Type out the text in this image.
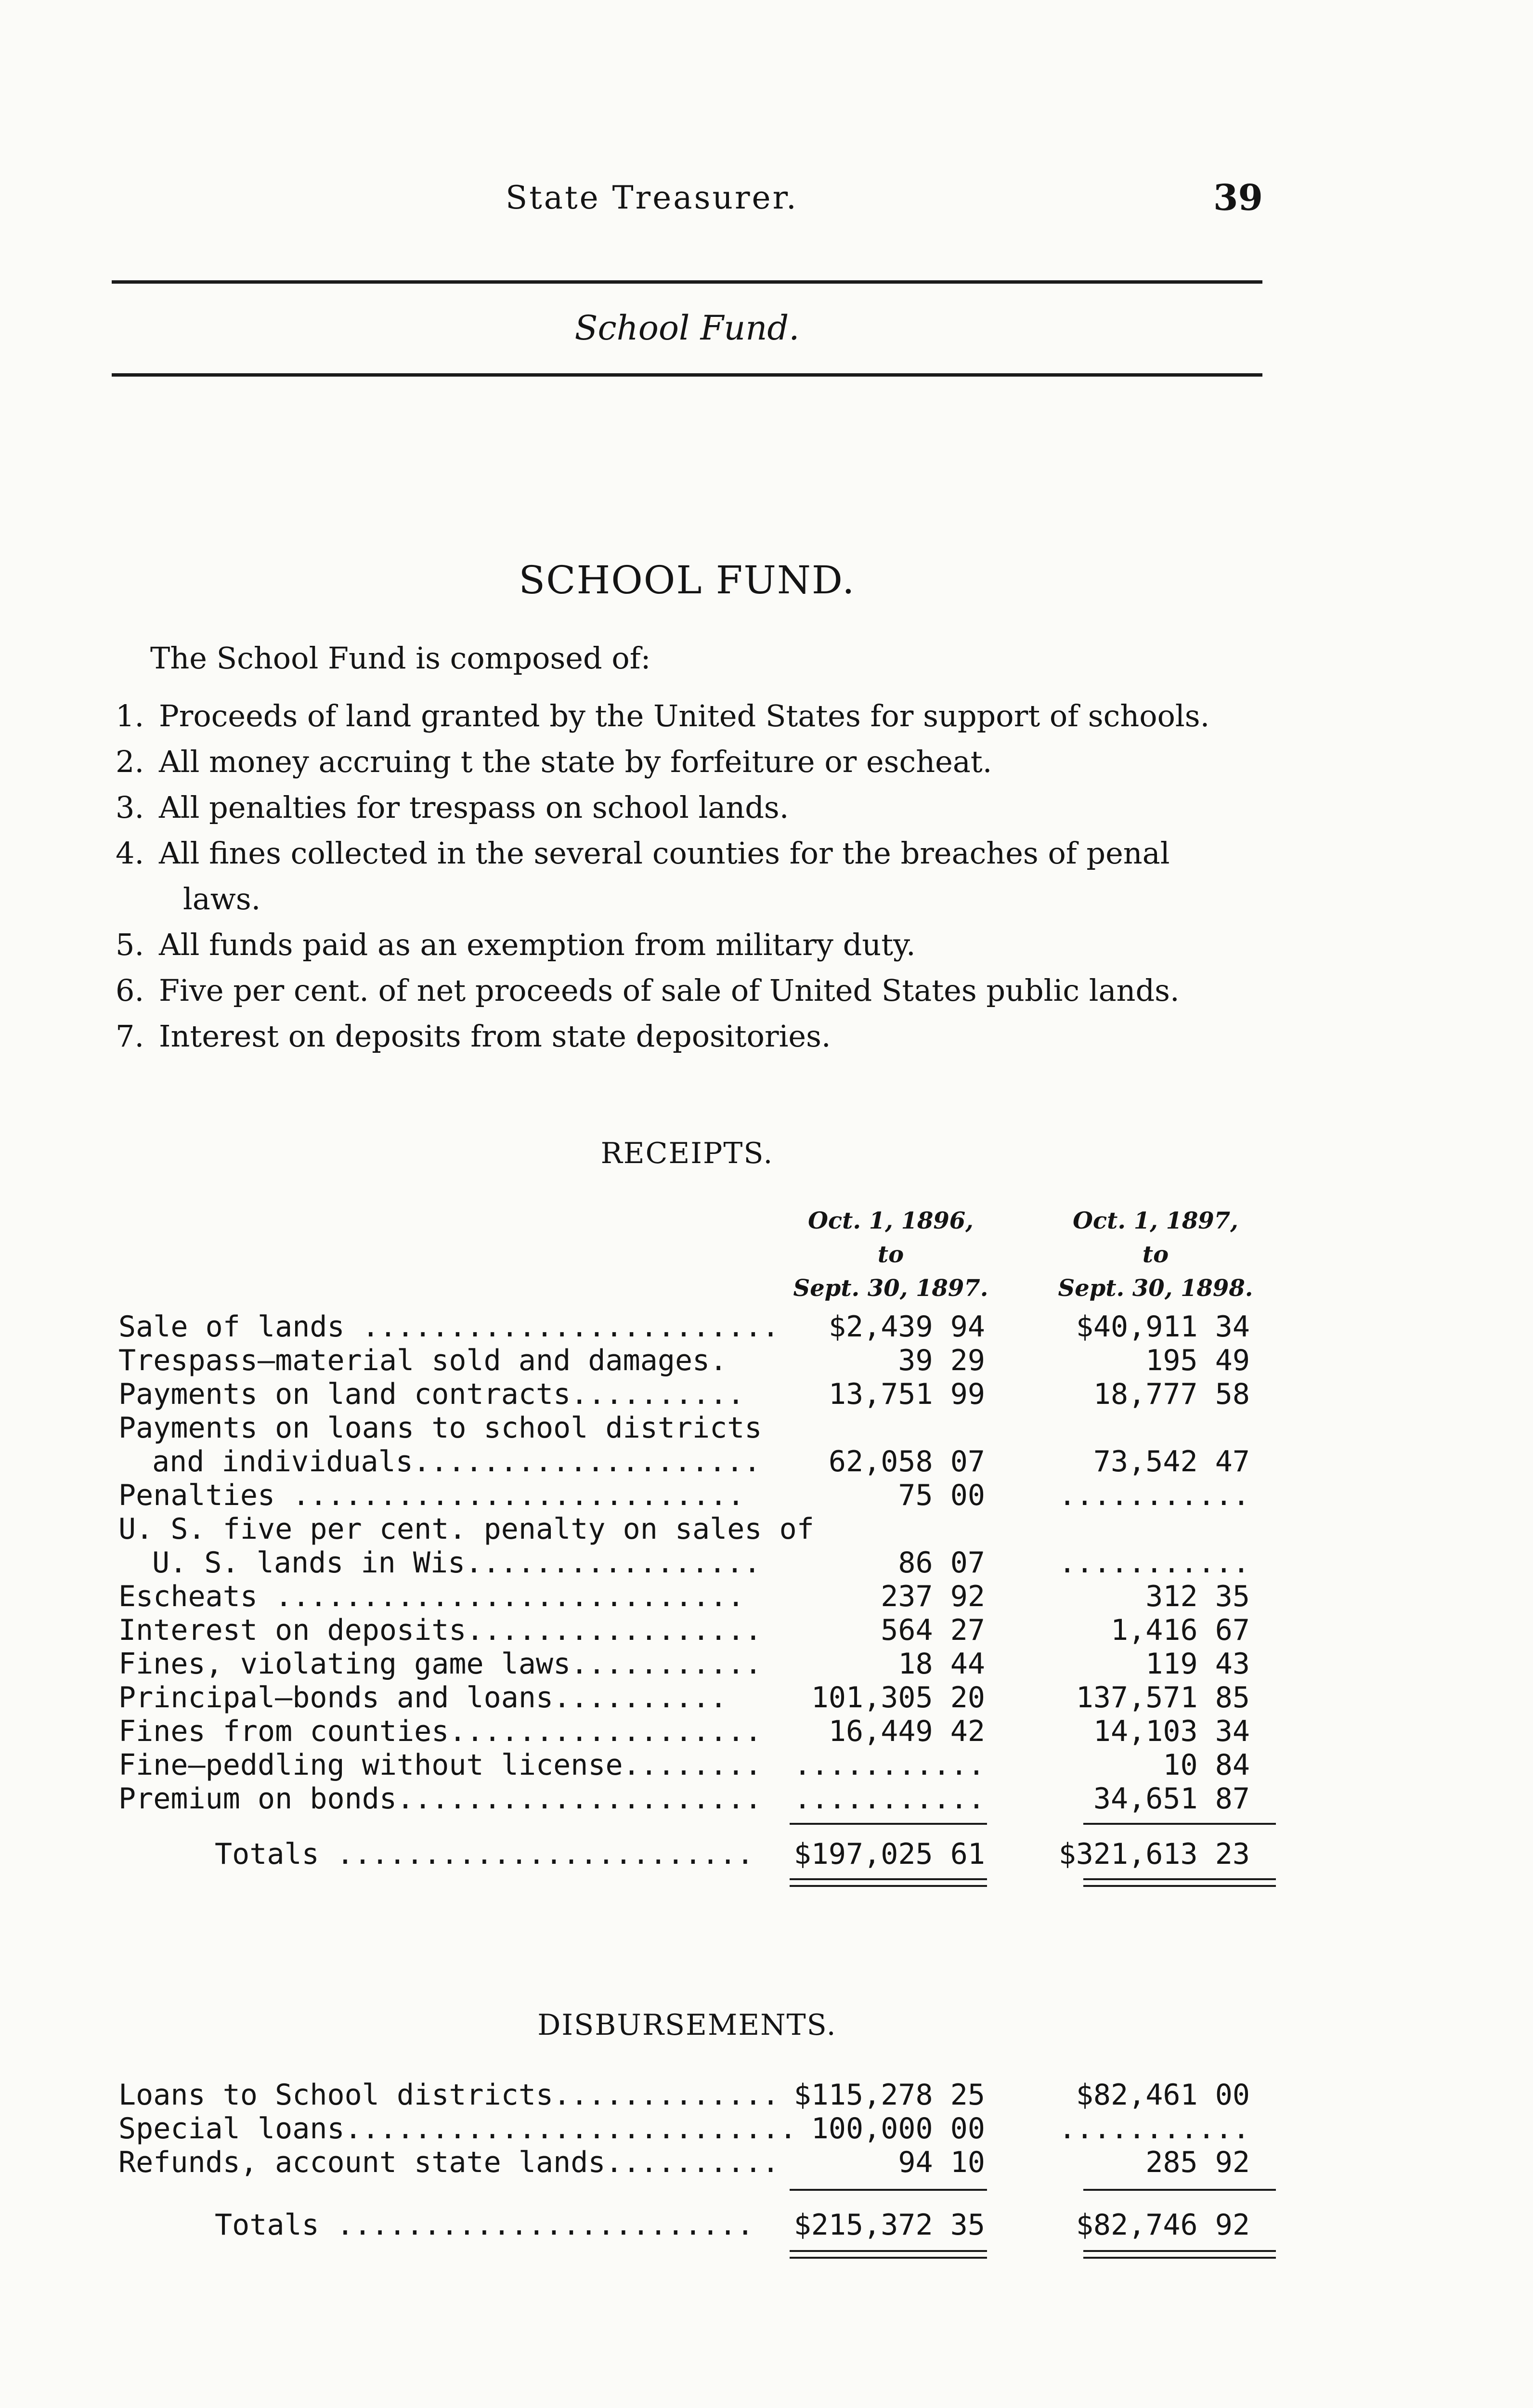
State Treasurer.	39
School Fund.
SCHOOL FUND.
The School Fund is composed of:
1. Proceeds of land granted by the United States for support of schools.
2. All money accruing t the state by forfeiture or escheat.
3. All penalties for trespass on school lands.
4. All fines collected in the several counties for the breaches of penal
laws.
5. All funds paid as an exemption from military duty.
6. Five per cent. of net proceeds of sale of United States public lands.
7. Interest on deposits from state depositories.
RECEIPTS.
Oct. 1, 1896,
to
Sept. 30, 1897.
Oct. 1, 1897,
to
Sept. 30, 1898.
Sale of lands ........................ $2,439 94	$40,911 34
Trespass—material sold and damages.	39 29	195 49
Payments on land contracts..........	13,751 99	18,777 58
Payments on loans to school districts
and individuals.................... 62,058 07	73,542 47
Penalties ..........................	75 00	...........
U. S. five per cent. penalty on sales of
U. S. lands in Wis.................	86 07	...........
Escheats ...........................	237 92	312 35
Interest on deposits.................	564 27	1,416 67
Fines, violating game laws...........	18 44	119 43
Principal—bonds and loans..........	101,305 20	137,571 85
Fines from counties.................. 16,449 42	14,103 34
Fine—peddling without license........ ...........	10 84
Premium on bonds..................... ...........	34,651 87
Totals ........................ $197,025 61	$321,613 23
DISBURSEMENTS.
Loans to School districts............. $115,278 25	$82,461 00
Special loans.......................... 100,000 00	...........
Refunds, account state lands..........	94 10	285 92
Totals ........................ $215,372 35	$82,746 92
